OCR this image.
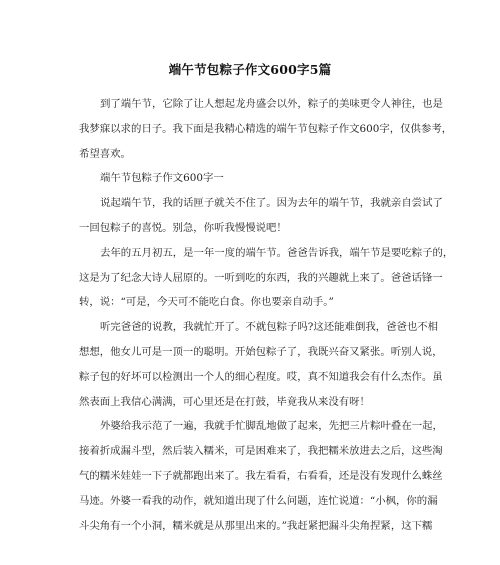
端午节包粽子作文600字5篇
到了端午节，它除了让人想起龙舟盛会以外，粽子的美味更令人神往，也是
我梦寐以求的日子。我下面是我精心精选的端午节包粽子作文600字，仅供参考，
希望喜欢。
端午节包粽子作文600字一
说起端午节，我的话匣子就关不住了。因为去年的端午节，我就亲自尝试了
一回包粽子的喜悦。别急，你听我慢慢说吧！
去年的五月初五，是一年一度的端午节。爸爸告诉我，端午节是要吃粽子的，
这是为了纪念大诗人屈原的。一听到吃的东西，我的兴趣就上来了。爸爸话锋一
转，说：“可是，今天可不能吃白食。你也要亲自动手。”
听完爸爸的说教，我就忙开了。不就包粽子吗?这还能难倒我，爸爸也不相
想想，他女儿可是一顶一的聪明。开始包粽子了，我既兴奋又紧张。听别人说，
粽子包的好坏可以检测出一个人的细心程度。哎，真不知道我会有什么杰作。虽
然表面上我信心满满，可心里还是在打鼓，毕竟我从来没有呀！
外婆给我示范了一遍，我就手忙脚乱地做了起来，先把三片粽叶叠在一起，
接着折成漏斗型，然后装入糯米，可是困难来了，我把糯米放进去之后，这些淘
气的糯米娃娃一下子就都跑出来了。我左看看，右看看，还是没有发现什么蛛丝
马迹。外婆一看我的动作，就知道出现了什么问题，连忙说道：“小枫，你的漏
斗尖角有一个小洞，糯米就是从那里出来的。”我赶紧把漏斗尖角捏紧，这下糯
